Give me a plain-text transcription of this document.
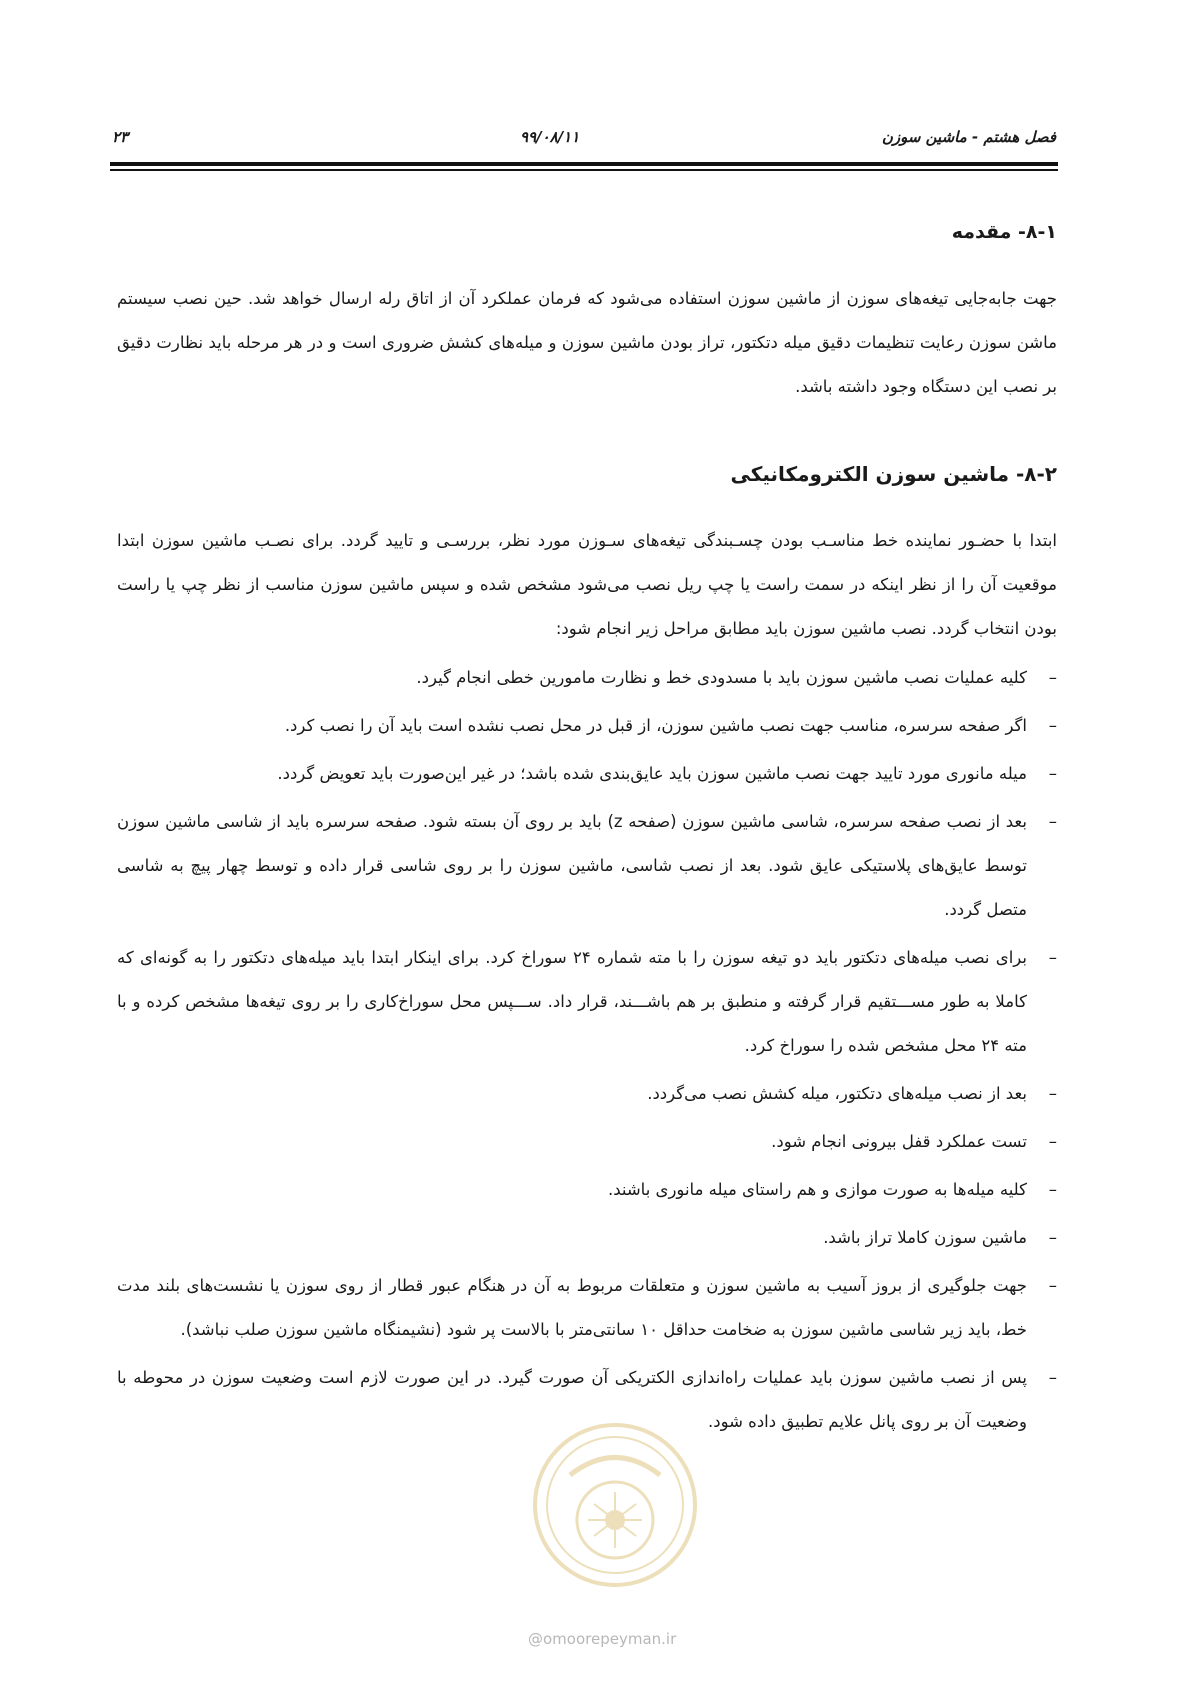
فصل هشتم - ماشین سوزن
۹۹/۰۸/۱۱
۲۳
۸-۱- مقدمه
جهت جابه‌جایی تیغه‌های سوزن از ماشین سوزن استفاده می‌شود که فرمان عملکرد آن از اتاق رله ارسال خواهد شد. حین نصب سیستم ماشن سوزن رعایت تنظیمات دقیق میله دتکتور، تراز بودن ماشین سوزن و میله‌های کشش ضروری است و در هر مرحله باید نظارت دقیق بر نصب این دستگاه وجود داشته باشد.
۸-۲- ماشین سوزن الکترومکانیکی
ابتدا با حضـور نماینده خط مناسـب بودن چسـبندگی تیغه‌های سـوزن مورد نظر، بررسـی و تایید گردد. برای نصـب ماشین سوزن ابتدا موقعیت آن را از نظر اینکه در سمت راست یا چپ ریل نصب می‌شود مشخص شده و سپس ماشین سوزن مناسب از نظر چپ یا راست بودن انتخاب گردد. نصب ماشین سوزن باید مطابق مراحل زیر انجام شود:
–
کلیه عملیات نصب ماشین سوزن باید با مسدودی خط و نظارت مامورین خطی انجام گیرد.
–
اگر صفحه سرسره، مناسب جهت نصب ماشین سوزن، از قبل در محل نصب نشده است باید آن را نصب کرد.
–
میله مانوری مورد تایید جهت نصب ماشین سوزن باید عایق‌بندی شده باشد؛ در غیر این‌صورت باید تعویض گردد.
–
بعد از نصب صفحه سرسره، شاسی ماشین سوزن (صفحه z) باید بر روی آن بسته شود. صفحه سرسره باید از شاسی ماشین سوزن توسط عایق‌های پلاستیکی عایق شود. بعد از نصب شاسی، ماشین سوزن را بر روی شاسی قرار داده و توسط چهار پیچ به شاسی متصل گردد.
–
برای نصب میله‌های دتکتور باید دو تیغه سوزن را با مته شماره ۲۴ سوراخ کرد. برای اینکار ابتدا باید میله‌های دتکتور را به گونه‌ای که کاملا به طور مســـتقیم قرار گرفته و منطبق بر هم باشـــند، قرار داد. ســـپس محل سوراخ‌کاری را بر روی تیغه‌ها مشخص کرده و با مته ۲۴ محل مشخص شده را سوراخ کرد.
–
بعد از نصب میله‌های دتکتور، میله کشش نصب می‌گردد.
–
تست عملکرد قفل بیرونی انجام شود.
–
کلیه میله‌ها به صورت موازی و هم راستای میله مانوری باشند.
–
ماشین سوزن کاملا تراز باشد.
–
جهت جلوگیری از بروز آسیب به ماشین سوزن و متعلقات مربوط به آن در هنگام عبور قطار از روی سوزن یا نشست‌های بلند مدت خط، باید زیر شاسی ماشین سوزن به ضخامت حداقل ۱۰ سانتی‌متر با بالاست پر شود (نشیمنگاه ماشین سوزن صلب نباشد).
–
پس از نصب ماشین سوزن باید عملیات راه‌اندازی الکتریکی آن صورت گیرد. در این صورت لازم است وضعیت سوزن در محوطه با وضعیت آن بر روی پانل علایم تطبیق داده شود.
@omoorepeyman.ir
